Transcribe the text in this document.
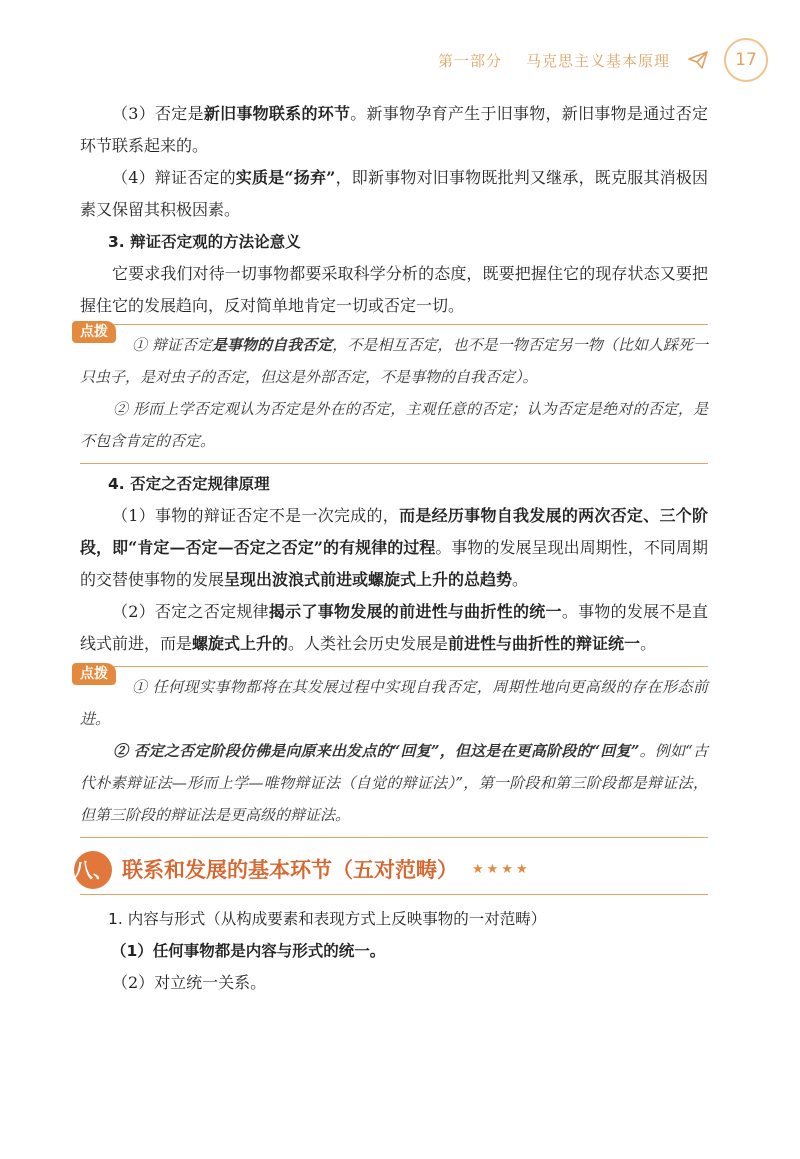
第一部分 马克思主义基本原理	17

（3）否定是新旧事物联系的环节。新事物孕育产生于旧事物，新旧事物是通过否定环节联系起来的。

（4）辩证否定的实质是“扬弃”，即新事物对旧事物既批判又继承，既克服其消极因素又保留其积极因素。

3. 辩证否定观的方法论意义

它要求我们对待一切事物都要采取科学分析的态度，既要把握住它的现存状态又要把握住它的发展趋向，反对简单地肯定一切或否定一切。

点拨

① 辩证否定是事物的自我否定，不是相互否定，也不是一物否定另一物（比如人踩死一只虫子，是对虫子的否定，但这是外部否定，不是事物的自我否定）。

② 形而上学否定观认为否定是外在的否定，主观任意的否定；认为否定是绝对的否定，是不包含肯定的否定。

4. 否定之否定规律原理

（1）事物的辩证否定不是一次完成的，而是经历事物自我发展的两次否定、三个阶段，即“肯定—否定—否定之否定”的有规律的过程。事物的发展呈现出周期性，不同周期的交替使事物的发展呈现出波浪式前进或螺旋式上升的总趋势。

（2）否定之否定规律揭示了事物发展的前进性与曲折性的统一。事物的发展不是直线式前进，而是螺旋式上升的。人类社会历史发展是前进性与曲折性的辩证统一。

点拨

① 任何现实事物都将在其发展过程中实现自我否定，周期性地向更高级的存在形态前进。

② 否定之否定阶段仿佛是向原来出发点的“回复”，但这是在更高阶段的“回复”。例如“古代朴素辩证法—形而上学—唯物辩证法（自觉的辩证法）”，第一阶段和第三阶段都是辩证法，但第三阶段的辩证法是更高级的辩证法。

八、 联系和发展的基本环节（五对范畴） ★★★★

1. 内容与形式（从构成要素和表现方式上反映事物的一对范畴）

（1）任何事物都是内容与形式的统一。

（2）对立统一关系。
